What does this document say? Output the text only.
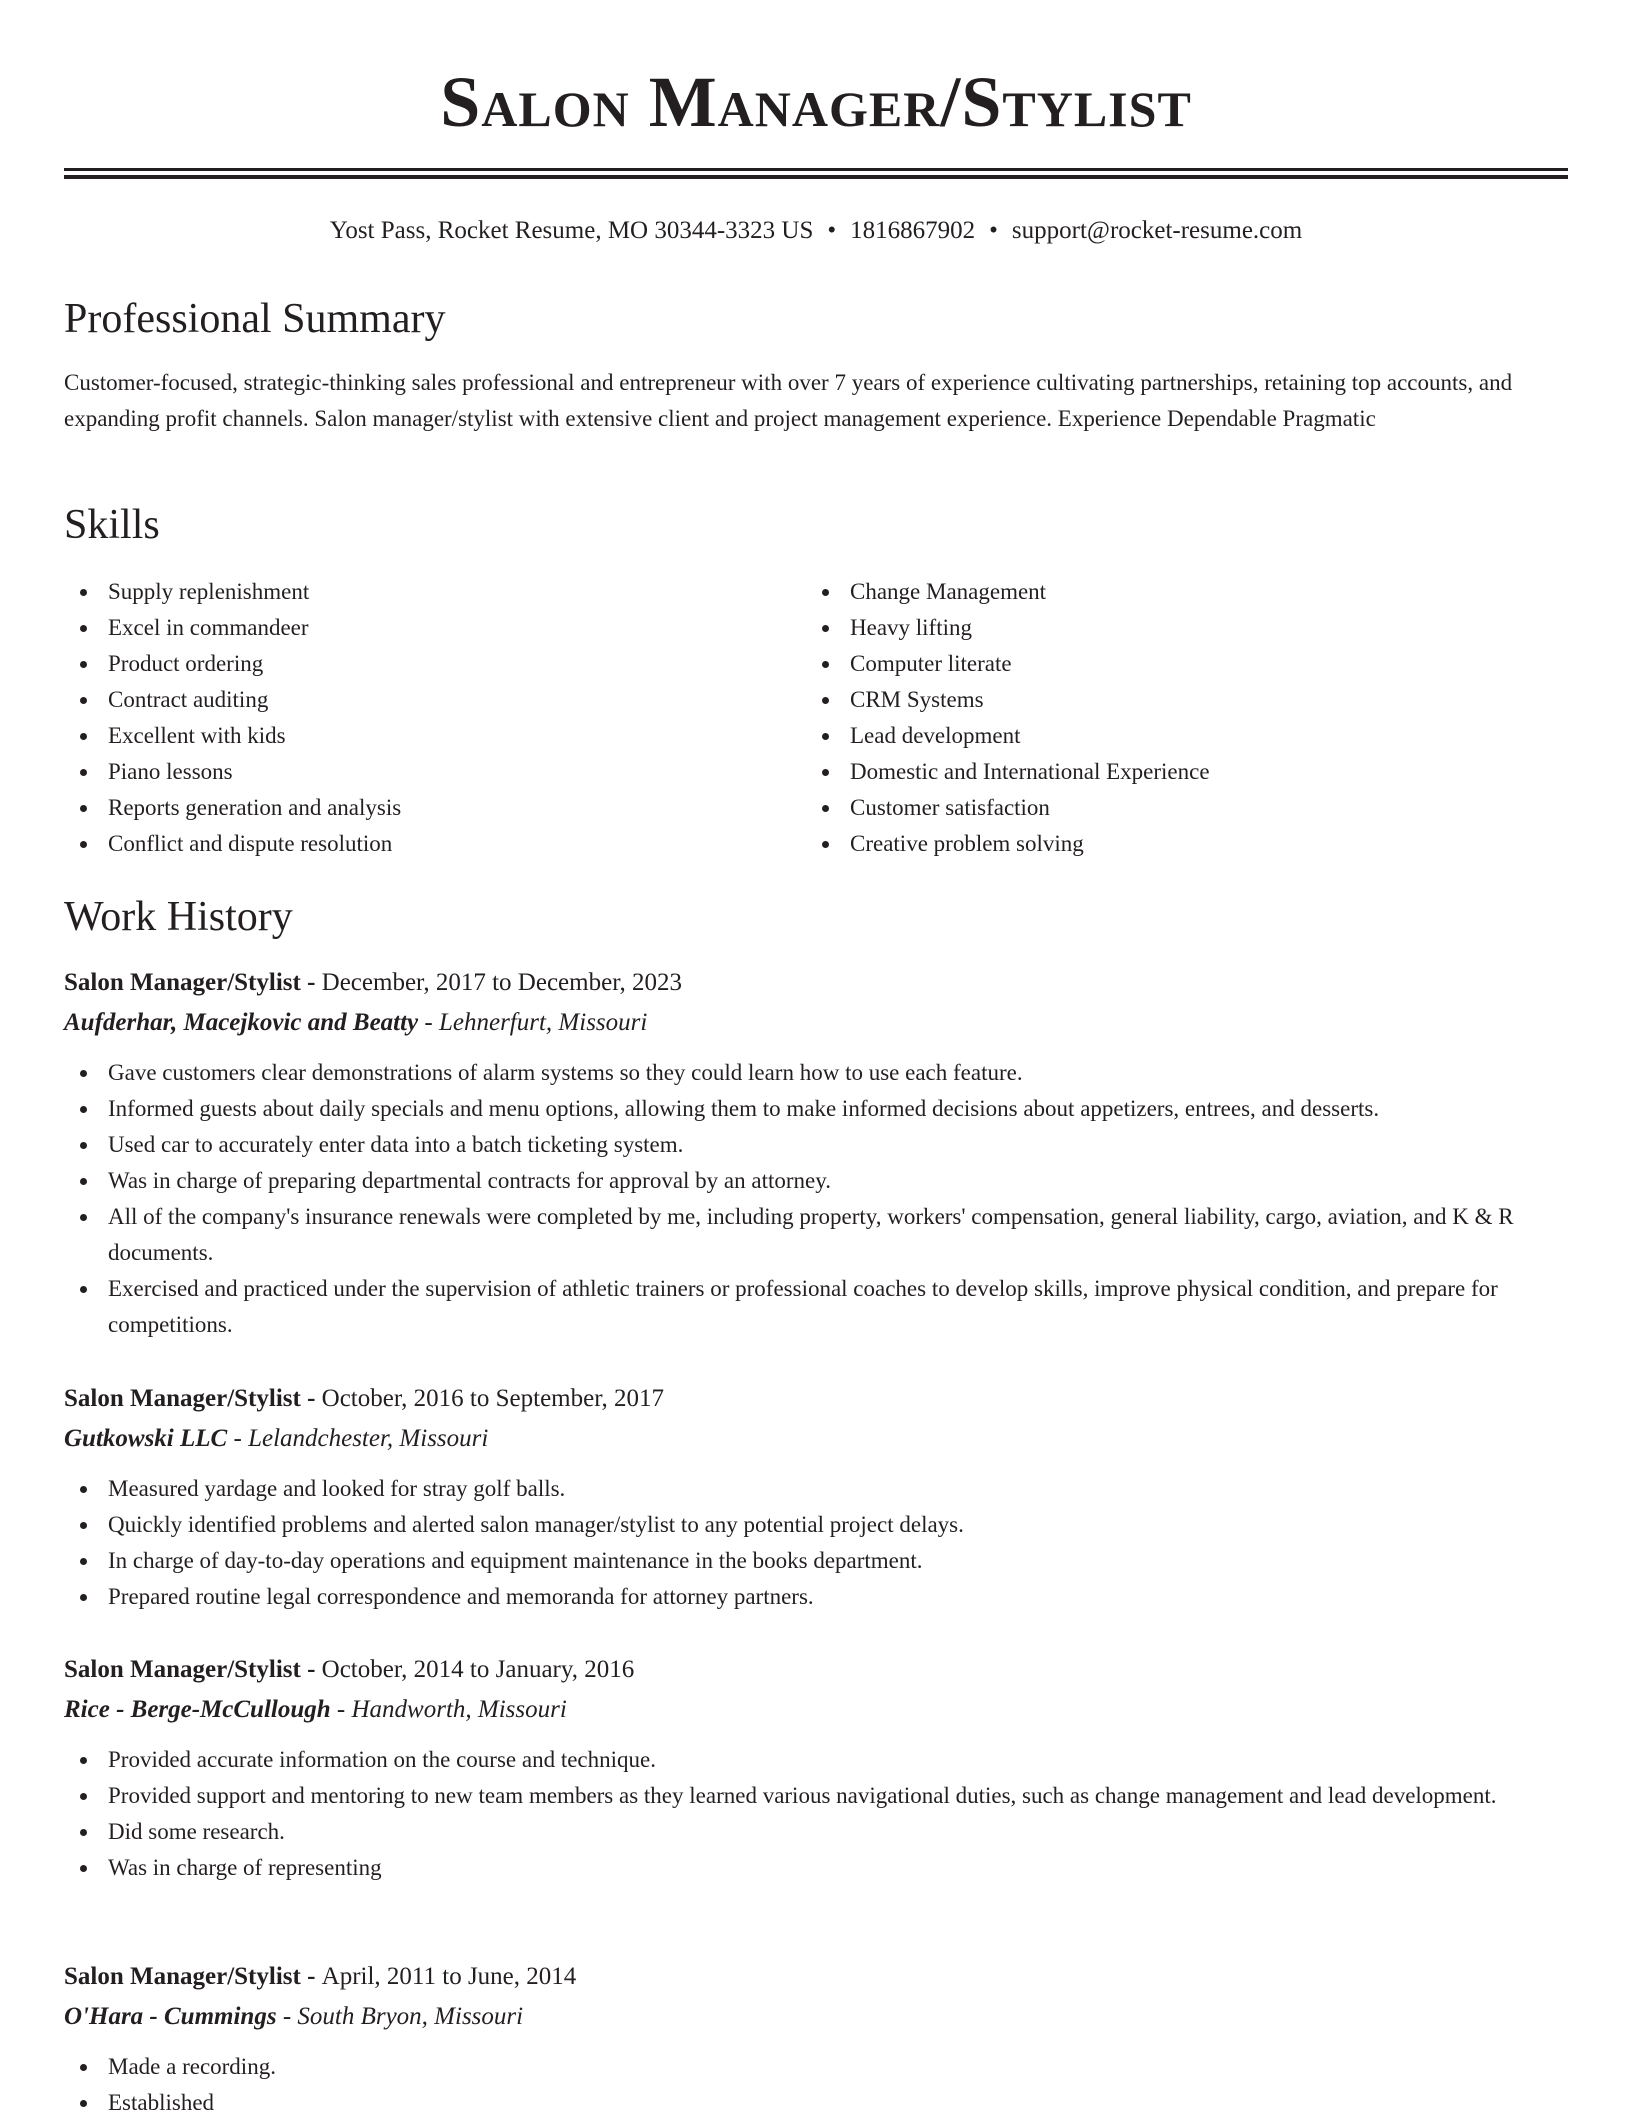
Salon Manager/Stylist
Yost Pass, Rocket Resume, MO 30344-3323 US • 1816867902 • support@rocket-resume.com
Professional Summary
Customer-focused, strategic-thinking sales professional and entrepreneur with over 7 years of experience cultivating partnerships, retaining top accounts, and expanding profit channels. Salon manager/stylist with extensive client and project management experience. Experience Dependable Pragmatic
Skills
Supply replenishment
Excel in commandeer
Product ordering
Contract auditing
Excellent with kids
Piano lessons
Reports generation and analysis
Conflict and dispute resolution
Change Management
Heavy lifting
Computer literate
CRM Systems
Lead development
Domestic and International Experience
Customer satisfaction
Creative problem solving
Work History
Salon Manager/Stylist - December, 2017 to December, 2023
Aufderhar, Macejkovic and Beatty - Lehnerfurt, Missouri
Gave customers clear demonstrations of alarm systems so they could learn how to use each feature.
Informed guests about daily specials and menu options, allowing them to make informed decisions about appetizers, entrees, and desserts.
Used car to accurately enter data into a batch ticketing system.
Was in charge of preparing departmental contracts for approval by an attorney.
All of the company's insurance renewals were completed by me, including property, workers' compensation, general liability, cargo, aviation, and K & R documents.
Exercised and practiced under the supervision of athletic trainers or professional coaches to develop skills, improve physical condition, and prepare for competitions.
Salon Manager/Stylist - October, 2016 to September, 2017
Gutkowski LLC - Lelandchester, Missouri
Measured yardage and looked for stray golf balls.
Quickly identified problems and alerted salon manager/stylist to any potential project delays.
In charge of day-to-day operations and equipment maintenance in the books department.
Prepared routine legal correspondence and memoranda for attorney partners.
Salon Manager/Stylist - October, 2014 to January, 2016
Rice - Berge-McCullough - Handworth, Missouri
Provided accurate information on the course and technique.
Provided support and mentoring to new team members as they learned various navigational duties, such as change management and lead development.
Did some research.
Was in charge of representing
Salon Manager/Stylist - April, 2011 to June, 2014
O'Hara - Cummings - South Bryon, Missouri
Made a recording.
Established
